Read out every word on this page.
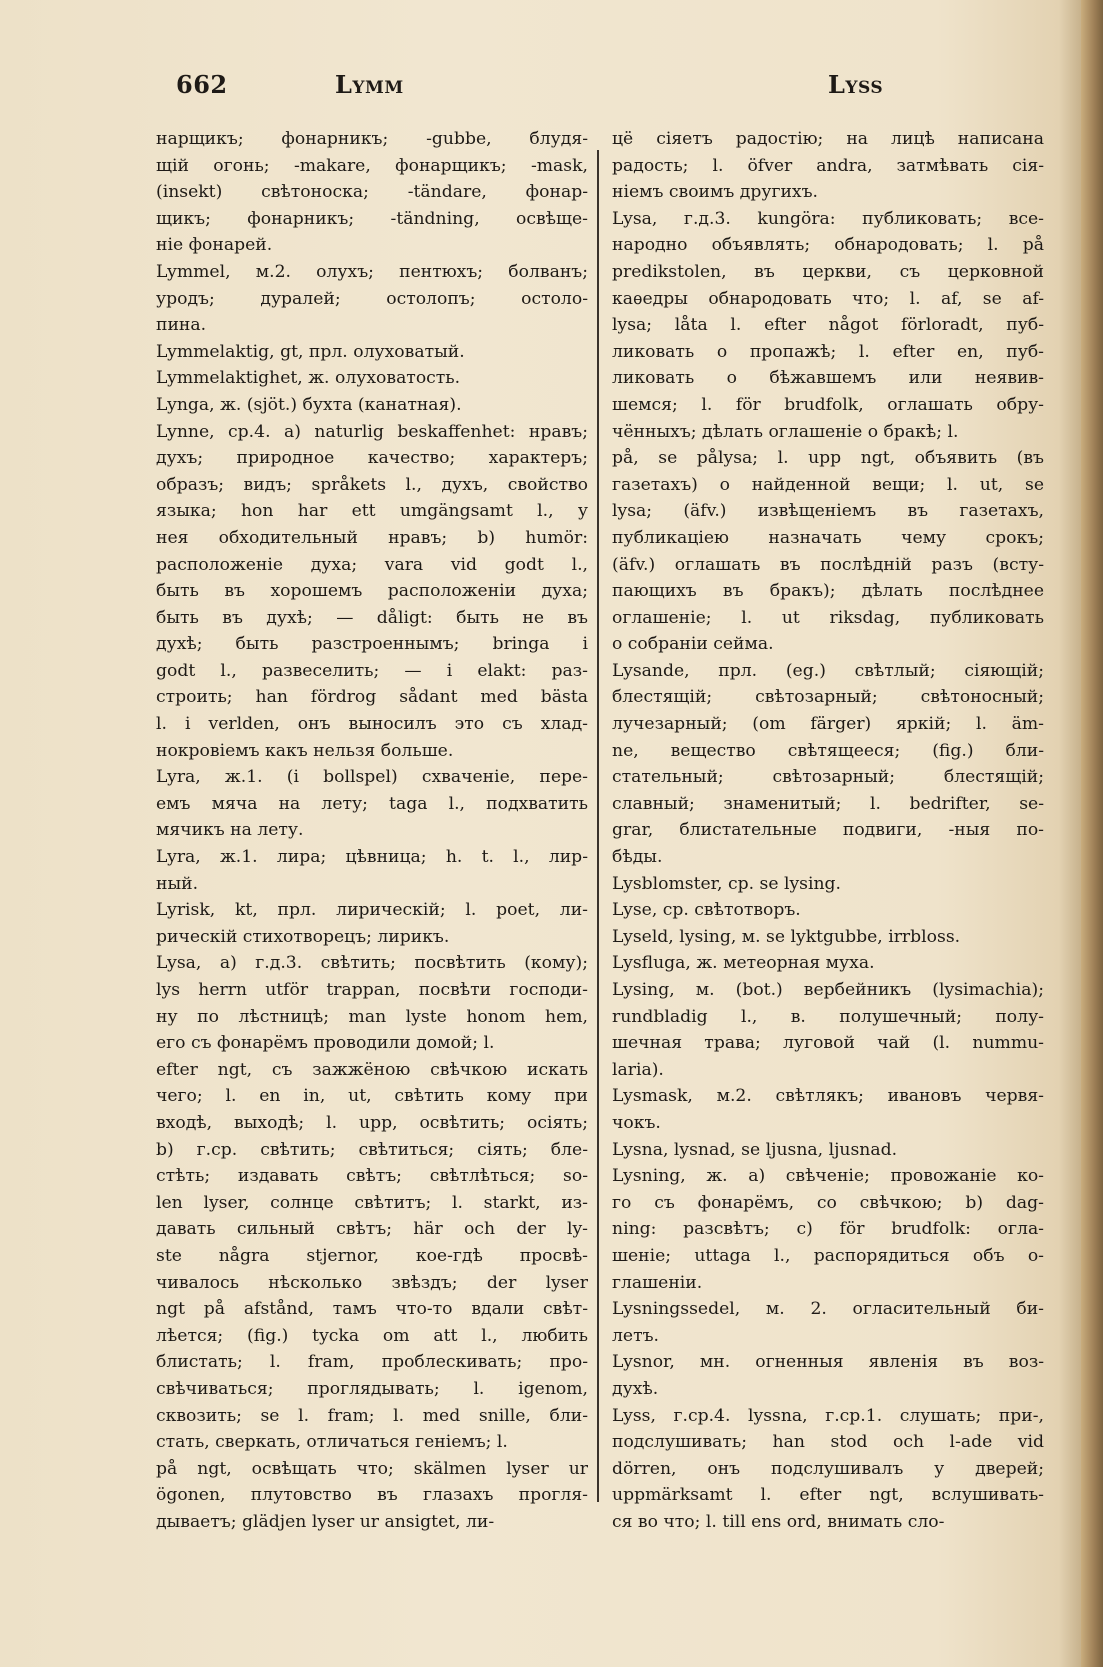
662	Lymm	Lyss
нарщикъ; фонарникъ; -gubbe, блудя-
щій огонь; -makare, фонарщикъ; -mask,
(insekt) свѣтоноска; -tändare, фонар-
щикъ; фонарникъ; -tändning, освѣще-
ніе фонарей.
Lymmel, м.2. олухъ; пентюхъ; болванъ;
уродъ; дуралей; остолопъ; остоло-
пина.
Lymmelaktig, gt, прл. олуховатый.
Lymmelaktighet, ж. олуховатость.
Lynga, ж. (sjöt.) бухта (канатная).
Lynne, ср.4. a) naturlig beskaffenhet: нравъ;
духъ; природное качество; характеръ;
образъ; видъ; språkets l., духъ, свойство
языка; hon har ett umgängsamt l., у
нея обходительный нравъ; b) humör:
расположеніе духа; vara vid godt l.,
быть въ хорошемъ расположеніи духа;
быть въ духѣ; — dåligt: быть не въ
духѣ; быть разстроеннымъ; bringa i
godt l., развеселить; — i elakt: раз-
строить; han fördrog sådant med bästa
l. i verlden, онъ выносилъ это съ хлад-
нокровіемъ какъ нельзя больше.
Lyra, ж.1. (i bollspel) схваченіе, пере-
емъ мяча на лету; taga l., подхватить
мячикъ на лету.
Lyra, ж.1. лира; цѣвница; h. t. l., лир-
ный.
Lyrisk, kt, прл. лирическій; l. poet, ли-
рическій стихотворецъ; лирикъ.
Lysa, a) г.д.3. свѣтить; посвѣтить (кому);
lys herrn utför trappan, посвѣти господи-
ну по лѣстницѣ; man lyste honom hem,
его съ фонарёмъ проводили домой; l.
efter ngt, съ зажжёною свѣчкою искать
чего; l. en in, ut, свѣтить кому при
входѣ, выходѣ; l. upp, освѣтить; осіять;
b) г.ср. свѣтить; свѣтиться; сіять; бле-
стѣть; издавать свѣтъ; свѣтлѣться; so-
len lyser, солнце свѣтитъ; l. starkt, из-
давать сильный свѣтъ; här och der ly-
ste några stjernor, кое-гдѣ просвѣ-
чивалось нѣсколько звѣздъ; der lyser
ngt på afstånd, тамъ что-то вдали свѣт-
лѣется; (fig.) tycka om att l., любить
блистать; l. fram, проблескивать; про-
свѣчиваться; проглядывать; l. igenom,
сквозить; se l. fram; l. med snille, бли-
стать, сверкать, отличаться геніемъ; l.
på ngt, освѣщать что; skälmen lyser ur
ögonen, плутовство въ глазахъ прогля-
дываетъ; glädjen lyser ur ansigtet, ли-
цё сіяетъ радостію; на лицѣ написана
радость; l. öfver andra, затмѣвать сія-
ніемъ своимъ другихъ.
Lysa, г.д.3. kungöra: публиковать; все-
народно объявлять; обнародовать; l. på
predikstolen, въ церкви, съ церковной
каѳедры обнародовать что; l. af, se af-
lysa; låta l. efter något förloradt, пуб-
ликовать о пропажѣ; l. efter en, пуб-
ликовать о бѣжавшемъ или неявив-
шемся; l. för brudfolk, оглашать обру-
чённыхъ; дѣлать оглашеніе о бракѣ; l.
på, se pålysa; l. upp ngt, объявить (въ
газетахъ) о найденной вещи; l. ut, se
lysa; (äfv.) извѣщеніемъ въ газетахъ,
публикаціею назначать чему срокъ;
(äfv.) оглашать въ послѣдній разъ (всту-
пающихъ въ бракъ); дѣлать послѣднее
оглашеніе; l. ut riksdag, публиковать
о собраніи сейма.
Lysande, прл. (eg.) свѣтлый; сіяющій;
блестящій; свѣтозарный; свѣтоносный;
лучезарный; (om färger) яркій; l. äm-
ne, вещество свѣтящееся; (fig.) бли-
стательный; свѣтозарный; блестящій;
славный; знаменитый; l. bedrifter, se-
grar, блистательные подвиги, -ныя по-
бѣды.
Lysblomster, ср. se lysing.
Lyse, ср. свѣтотворъ.
Lyseld, lysing, м. se lyktgubbe, irrbloss.
Lysfluga, ж. метеорная муха.
Lysing, м. (bot.) вербейникъ (lysimachia);
rundbladig l., в. полушечный; полу-
шечная трава; луговой чай (l. nummu-
laria).
Lysmask, м.2. свѣтлякъ; ивановъ червя-
чокъ.
Lysna, lysnad, se ljusna, ljusnad.
Lysning, ж. a) свѣченіе; провожаніе ко-
го съ фонарёмъ, со свѣчкою; b) dag-
ning: разсвѣтъ; c) för brudfolk: огла-
шеніе; uttaga l., распорядиться объ о-
глашеніи.
Lysningssedel, м. 2. огласительный би-
летъ.
Lysnor, мн. огненныя явленія въ воз-
духѣ.
Lyss, г.ср.4. lyssna, г.ср.1. слушать; при-,
подслушивать; han stod och l-ade vid
dörren, онъ подслушивалъ у дверей;
uppmärksamt l. efter ngt, вслушивать-
ся во что; l. till ens ord, внимать сло-
